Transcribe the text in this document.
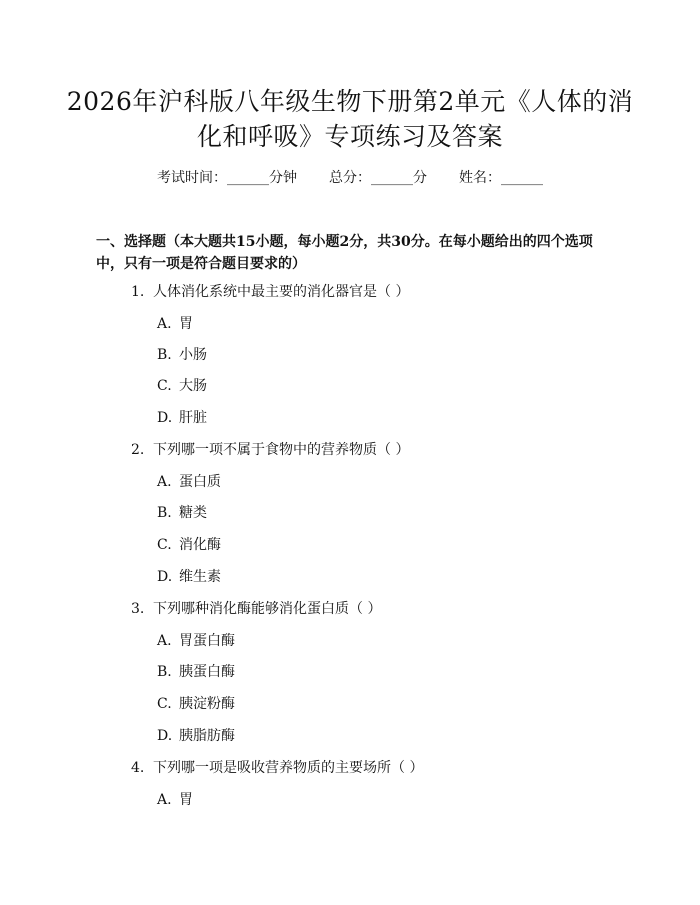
2026年沪科版八年级生物下册第2单元《人体的消化和呼吸》专项练习及答案
考试时间：______分钟 总分：______分 姓名：______
一、选择题（本大题共15小题，每小题2分，共30分。在每小题给出的四个选项中，只有一项是符合题目要求的）
1. 人体消化系统中最主要的消化器官是（ ）
A. 胃
B. 小肠
C. 大肠
D. 肝脏
2. 下列哪一项不属于食物中的营养物质（ ）
A. 蛋白质
B. 糖类
C. 消化酶
D. 维生素
3. 下列哪种消化酶能够消化蛋白质（ ）
A. 胃蛋白酶
B. 胰蛋白酶
C. 胰淀粉酶
D. 胰脂肪酶
4. 下列哪一项是吸收营养物质的主要场所（ ）
A. 胃
